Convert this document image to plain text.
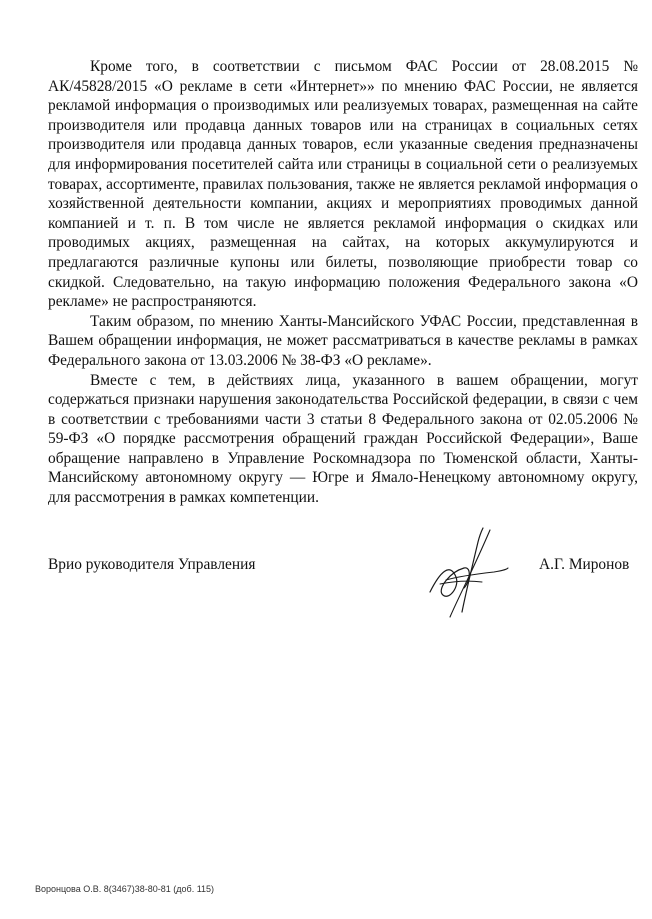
Кроме того, в соответствии с письмом ФАС России от 28.08.2015 № АК/45828/2015 «О рекламе в сети «Интернет»» по мнению ФАС России, не является рекламой информация о производимых или реализуемых товарах, размещенная на сайте производителя или продавца данных товаров или на страницах в социальных сетях производителя или продавца данных товаров, если указанные сведения предназначены для информирования посетителей сайта или страницы в социальной сети о реализуемых товарах, ассортименте, правилах пользования, также не является рекламой информация о хозяйственной деятельности компании, акциях и мероприятиях проводимых данной компанией и т. п. В том числе не является рекламой информация о скидках или проводимых акциях, размещенная на сайтах, на которых аккумулируются и предлагаются различные купоны или билеты, позволяющие приобрести товар со скидкой. Следовательно, на такую информацию положения Федерального закона «О рекламе» не распространяются.

Таким образом, по мнению Ханты-Мансийского УФАС России, представленная в Вашем обращении информация, не может рассматриваться в качестве рекламы в рамках Федерального закона от 13.03.2006 № 38-ФЗ «О рекламе».

Вместе с тем, в действиях лица, указанного в вашем обращении, могут содержаться признаки нарушения законодательства Российской федерации, в связи с чем в соответствии с требованиями части 3 статьи 8 Федерального закона от 02.05.2006 № 59-ФЗ «О порядке рассмотрения обращений граждан Российской Федерации», Ваше обращение направлено в Управление Роскомнадзора по Тюменской области, Ханты-Мансийскому автономному округу — Югре и Ямало-Ненецкому автономному округу, для рассмотрения в рамках компетенции.

Врио руководителя Управления	А.Г. Миронов
Воронцова О.В. 8(3467)38-80-81 (доб. 115)
